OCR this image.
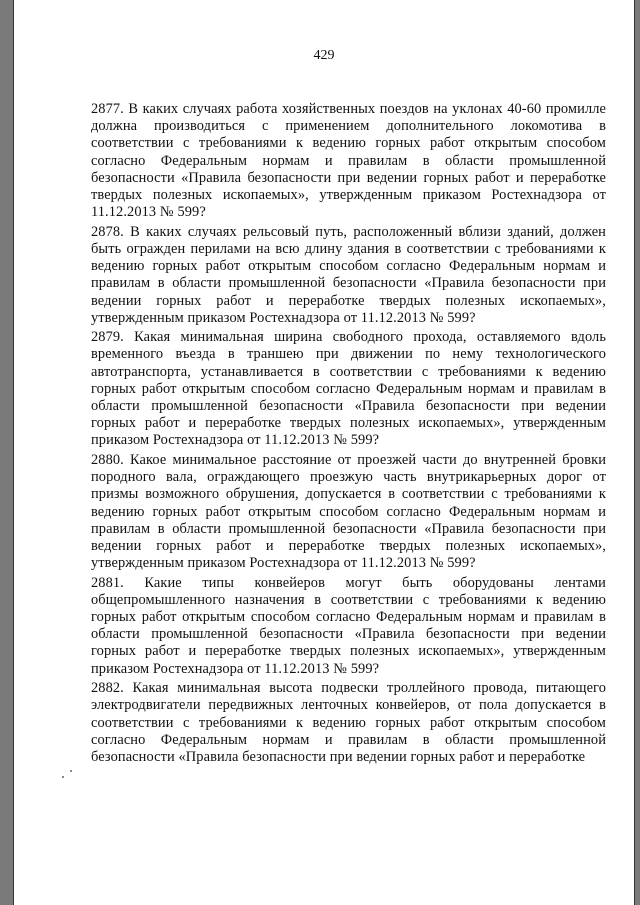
429

2877. В каких случаях работа хозяйственных поездов на уклонах 40-60 промилле должна производиться с применением дополнительного локомотива в соответствии с требованиями к ведению горных работ открытым способом согласно Федеральным нормам и правилам в области промышленной безопасности «Правила безопасности при ведении горных работ и переработке твердых полезных ископаемых», утвержденным приказом Ростехнадзора от 11.12.2013 № 599?

2878. В каких случаях рельсовый путь, расположенный вблизи зданий, должен быть огражден перилами на всю длину здания в соответствии с требованиями к ведению горных работ открытым способом согласно Федеральным нормам и правилам в области промышленной безопасности «Правила безопасности при ведении горных работ и переработке твердых полезных ископаемых», утвержденным приказом Ростехнадзора от 11.12.2013 № 599?

2879. Какая минимальная ширина свободного прохода, оставляемого вдоль временного въезда в траншею при движении по нему технологического автотранспорта, устанавливается в соответствии с требованиями к ведению горных работ открытым способом согласно Федеральным нормам и правилам в области промышленной безопасности «Правила безопасности при ведении горных работ и переработке твердых полезных ископаемых», утвержденным приказом Ростехнадзора от 11.12.2013 № 599?

2880. Какое минимальное расстояние от проезжей части до внутренней бровки породного вала, ограждающего проезжую часть внутрикарьерных дорог от призмы возможного обрушения, допускается в соответствии с требованиями к ведению горных работ открытым способом согласно Федеральным нормам и правилам в области промышленной безопасности «Правила безопасности при ведении горных работ и переработке твердых полезных ископаемых», утвержденным приказом Ростехнадзора от 11.12.2013 № 599?

2881. Какие типы конвейеров могут быть оборудованы лентами общепромышленного назначения в соответствии с требованиями к ведению горных работ открытым способом согласно Федеральным нормам и правилам в области промышленной безопасности «Правила безопасности при ведении горных работ и переработке твердых полезных ископаемых», утвержденным приказом Ростехнадзора от 11.12.2013 № 599?

2882. Какая минимальная высота подвески троллейного провода, питающего электродвигатели передвижных ленточных конвейеров, от пола допускается в соответствии с требованиями к ведению горных работ открытым способом согласно Федеральным нормам и правилам в области промышленной безопасности «Правила безопасности при ведении горных работ и переработке
